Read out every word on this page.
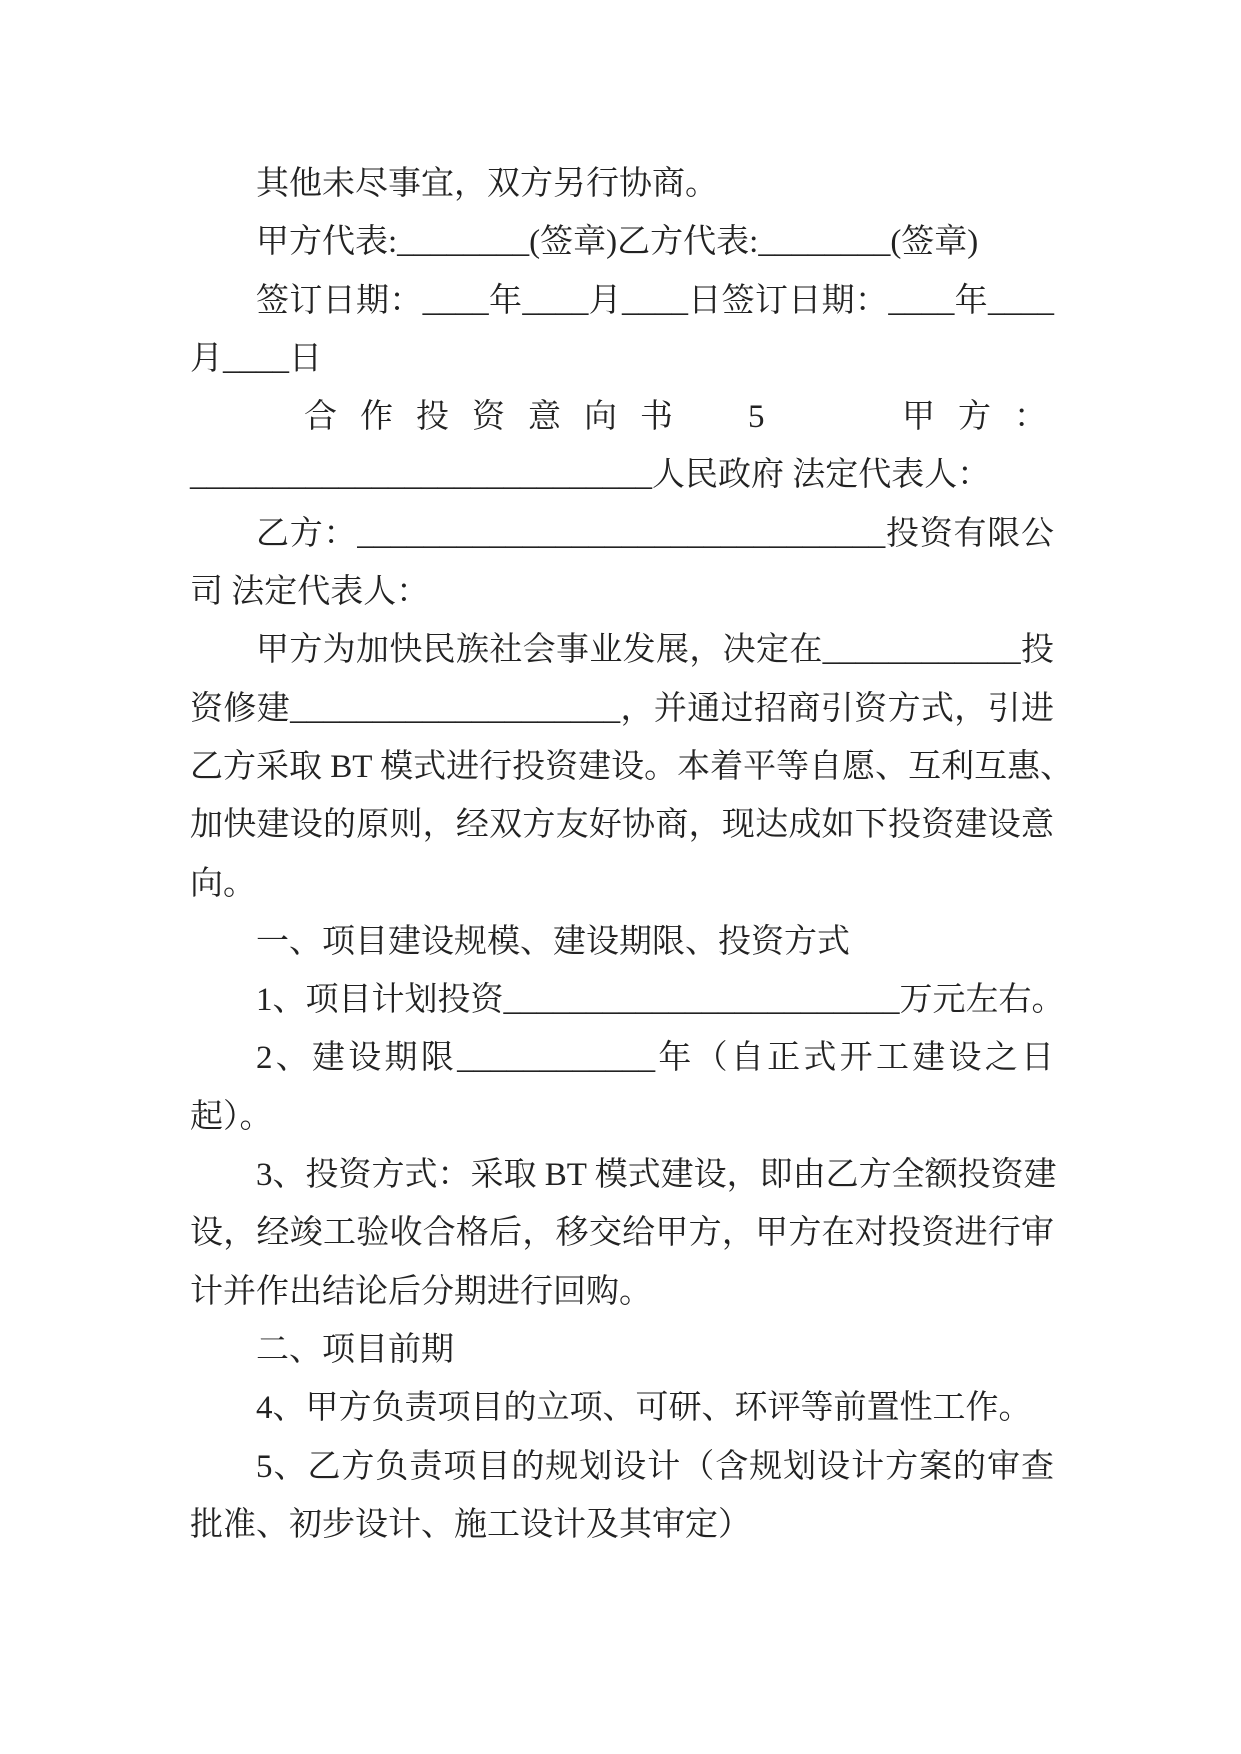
其他未尽事宜，双方另行协商。
甲方代表:________(签章)乙方代表:________(签章)
签订日期：____年____月____日签订日期：____年____
月____日
合作投资意向书 5	甲方：
____________________________人民政府 法定代表人：
乙方：________________________________投资有限公
司 法定代表人：
甲方为加快民族社会事业发展，决定在____________投
资修建____________________，并通过招商引资方式，引进
乙方采取 BT 模式进行投资建设。本着平等自愿、互利互惠、
加快建设的原则，经双方友好协商，现达成如下投资建设意
向。
一、项目建设规模、建设期限、投资方式
1、项目计划投资________________________万元左右。
2、建设期限____________年（自正式开工建设之日
起）。
3、投资方式：采取 BT 模式建设，即由乙方全额投资建
设，经竣工验收合格后，移交给甲方，甲方在对投资进行审
计并作出结论后分期进行回购。
二、项目前期
4、甲方负责项目的立项、可研、环评等前置性工作。
5、乙方负责项目的规划设计（含规划设计方案的审查
批准、初步设计、施工设计及其审定）
